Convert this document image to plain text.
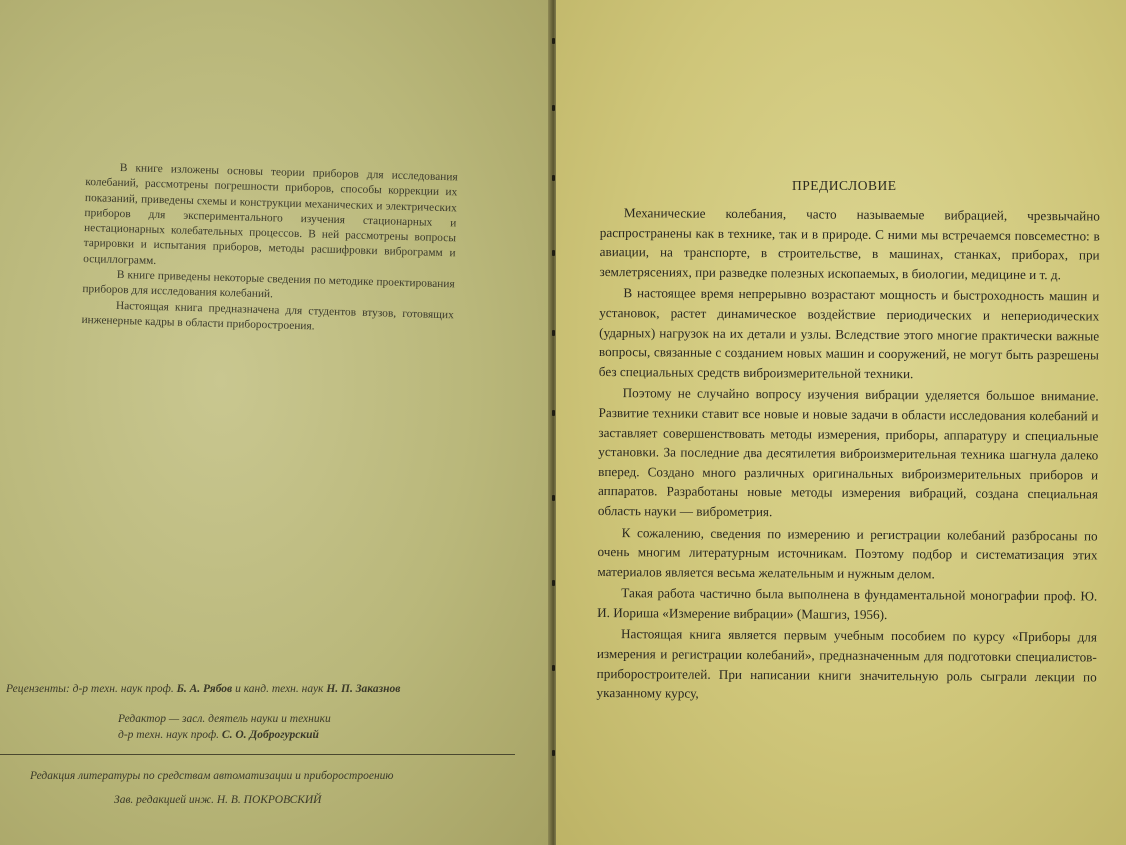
В книге изложены основы теории приборов для исследования колебаний, рассмотрены погрешности приборов, способы коррекции их показаний, приведены схемы и конструкции механических и электрических приборов для экспериментального изучения стационарных и нестационарных колебательных процессов. В ней рассмотрены вопросы тарировки и испытания приборов, методы расшифровки виброграмм и осциллограмм.

В книге приведены некоторые сведения по методике проектирования приборов для исследования колебаний.

Настоящая книга предназначена для студентов втузов, готовящих инженерные кадры в области приборостроения.

Рецензенты: д-р техн. наук проф. Б. А. Рябов и канд. техн. наук Н. П. Заказнов
Редактор — засл. деятель науки и техники
д-р техн. наук проф. С. О. Доброгурский
Редакция литературы по средствам автоматизации и приборостроению
Зав. редакцией инж. Н. В. ПОКРОВСКИЙ
ПРЕДИСЛОВИЕ

Механические колебания, часто называемые вибрацией, чрезвычайно распространены как в технике, так и в природе. С ними мы встречаемся повсеместно: в авиации, на транспорте, в строительстве, в машинах, станках, приборах, при землетрясениях, при разведке полезных ископаемых, в биологии, медицине и т. д.

В настоящее время непрерывно возрастают мощность и быстроходность машин и установок, растет динамическое воздействие периодических и непериодических (ударных) нагрузок на их детали и узлы. Вследствие этого многие практически важные вопросы, связанные с созданием новых машин и сооружений, не могут быть разрешены без специальных средств виброизмерительной техники.

Поэтому не случайно вопросу изучения вибрации уделяется большое внимание. Развитие техники ставит все новые и новые задачи в области исследования колебаний и заставляет совершенствовать методы измерения, приборы, аппаратуру и специальные установки. За последние два десятилетия виброизмерительная техника шагнула далеко вперед. Создано много различных оригинальных виброизмерительных приборов и аппаратов. Разработаны новые методы измерения вибраций, создана специальная область науки — виброметрия.

К сожалению, сведения по измерению и регистрации колебаний разбросаны по очень многим литературным источникам. Поэтому подбор и систематизация этих материалов является весьма желательным и нужным делом.

Такая работа частично была выполнена в фундаментальной монографии проф. Ю. И. Иориша «Измерение вибрации» (Машгиз, 1956).

Настоящая книга является первым учебным пособием по курсу «Приборы для измерения и регистрации колебаний», предназначенным для подготовки специалистов-приборостроителей. При написании книги значительную роль сыграли лекции по указанному курсу,
